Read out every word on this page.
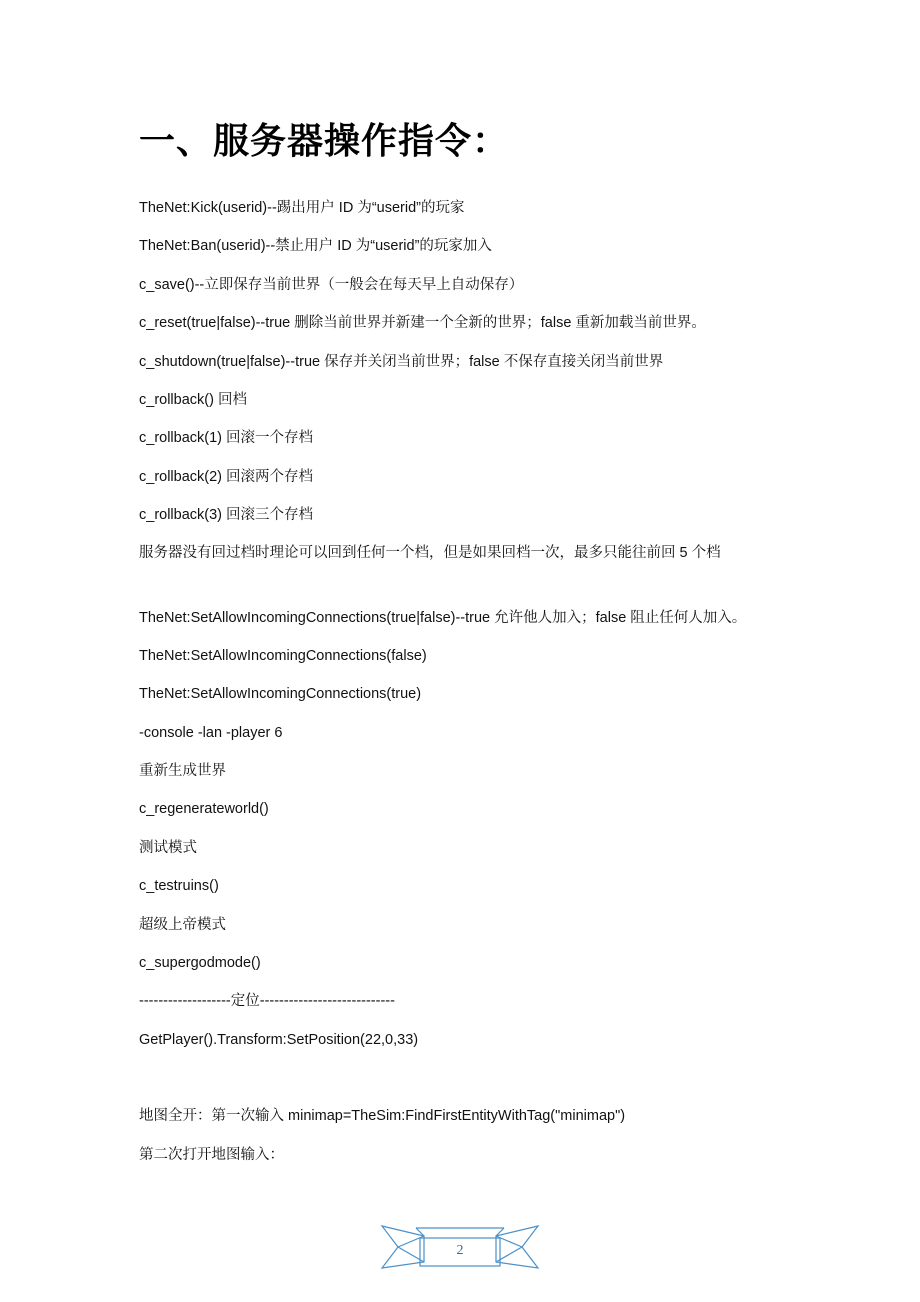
一、服务器操作指令：

TheNet:Kick(userid)--踢出用户 ID 为“userid”的玩家

TheNet:Ban(userid)--禁止用户 ID 为“userid”的玩家加入

c_save()--立即保存当前世界（一般会在每天早上自动保存）

c_reset(true|false)--true 删除当前世界并新建一个全新的世界；false 重新加载当前世界。

c_shutdown(true|false)--true 保存并关闭当前世界；false 不保存直接关闭当前世界

c_rollback() 回档

c_rollback(1) 回滚一个存档

c_rollback(2) 回滚两个存档

c_rollback(3) 回滚三个存档

服务器没有回过档时理论可以回到任何一个档，但是如果回档一次，最多只能往前回 5 个档

TheNet:SetAllowIncomingConnections(true|false)--true 允许他人加入；false 阻止任何人加入。

TheNet:SetAllowIncomingConnections(false)

TheNet:SetAllowIncomingConnections(true)

-console -lan -player 6

重新生成世界

c_regenerateworld()

测试模式

c_testruins()

超级上帝模式

c_supergodmode()

-------------------定位----------------------------

GetPlayer().Transform:SetPosition(22,0,33)

地图全开：第一次输入 minimap=TheSim:FindFirstEntityWithTag("minimap")

第二次打开地图输入：

2
